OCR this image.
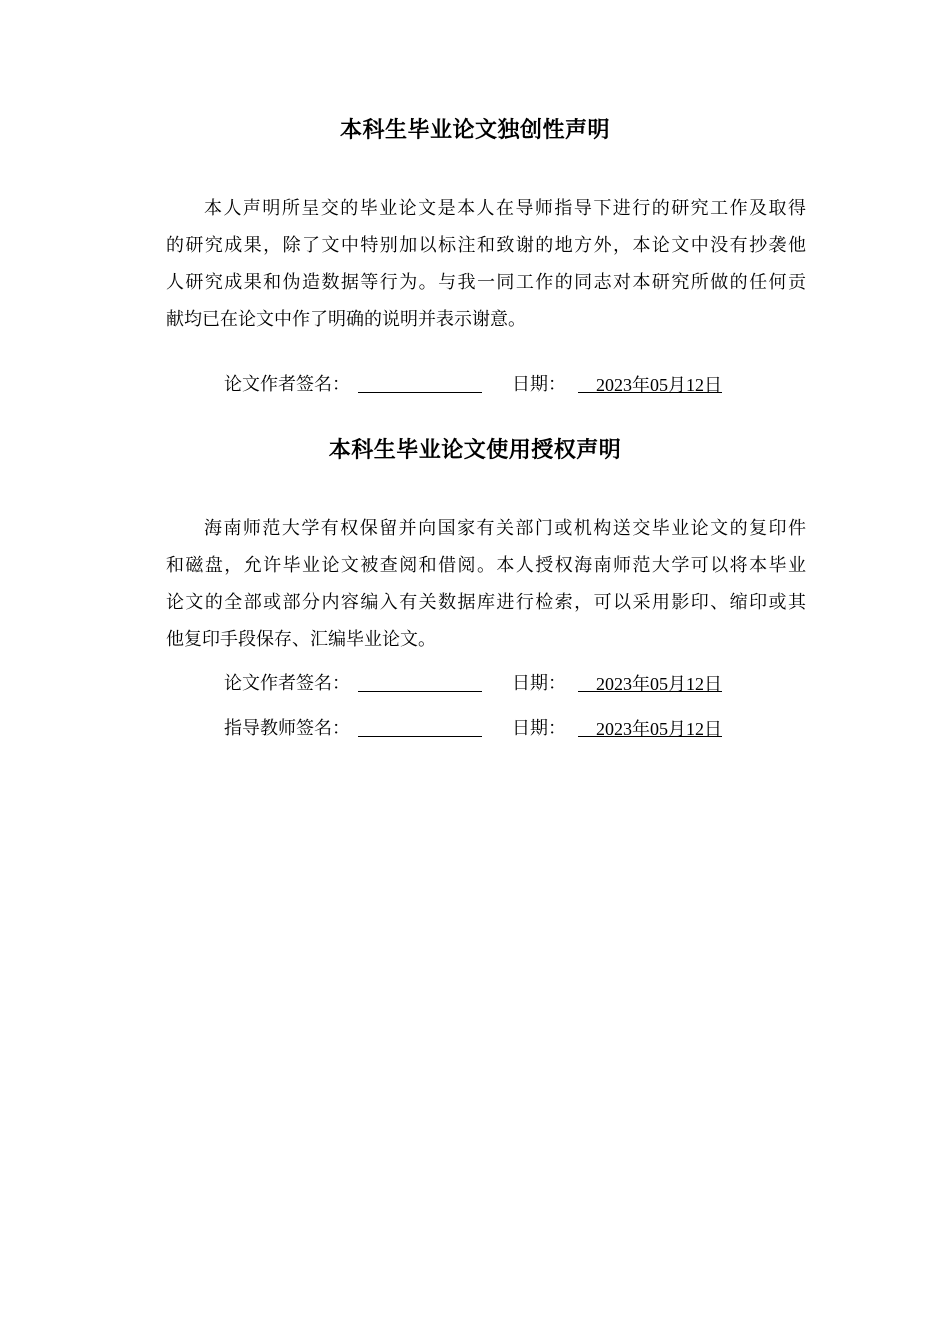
本科生毕业论文独创性声明
本人声明所呈交的毕业论文是本人在导师指导下进行的研究工作及取得
的研究成果，除了文中特别加以标注和致谢的地方外，本论文中没有抄袭他
人研究成果和伪造数据等行为。与我一同工作的同志对本研究所做的任何贡
献均已在论文中作了明确的说明并表示谢意。
论文作者签名：	日期：    2023年05月12日
本科生毕业论文使用授权声明
海南师范大学有权保留并向国家有关部门或机构送交毕业论文的复印件
和磁盘，允许毕业论文被查阅和借阅。本人授权海南师范大学可以将本毕业
论文的全部或部分内容编入有关数据库进行检索，可以采用影印、缩印或其
他复印手段保存、汇编毕业论文。
论文作者签名：	日期：    2023年05月12日
指导教师签名：	日期：    2023年05月12日
